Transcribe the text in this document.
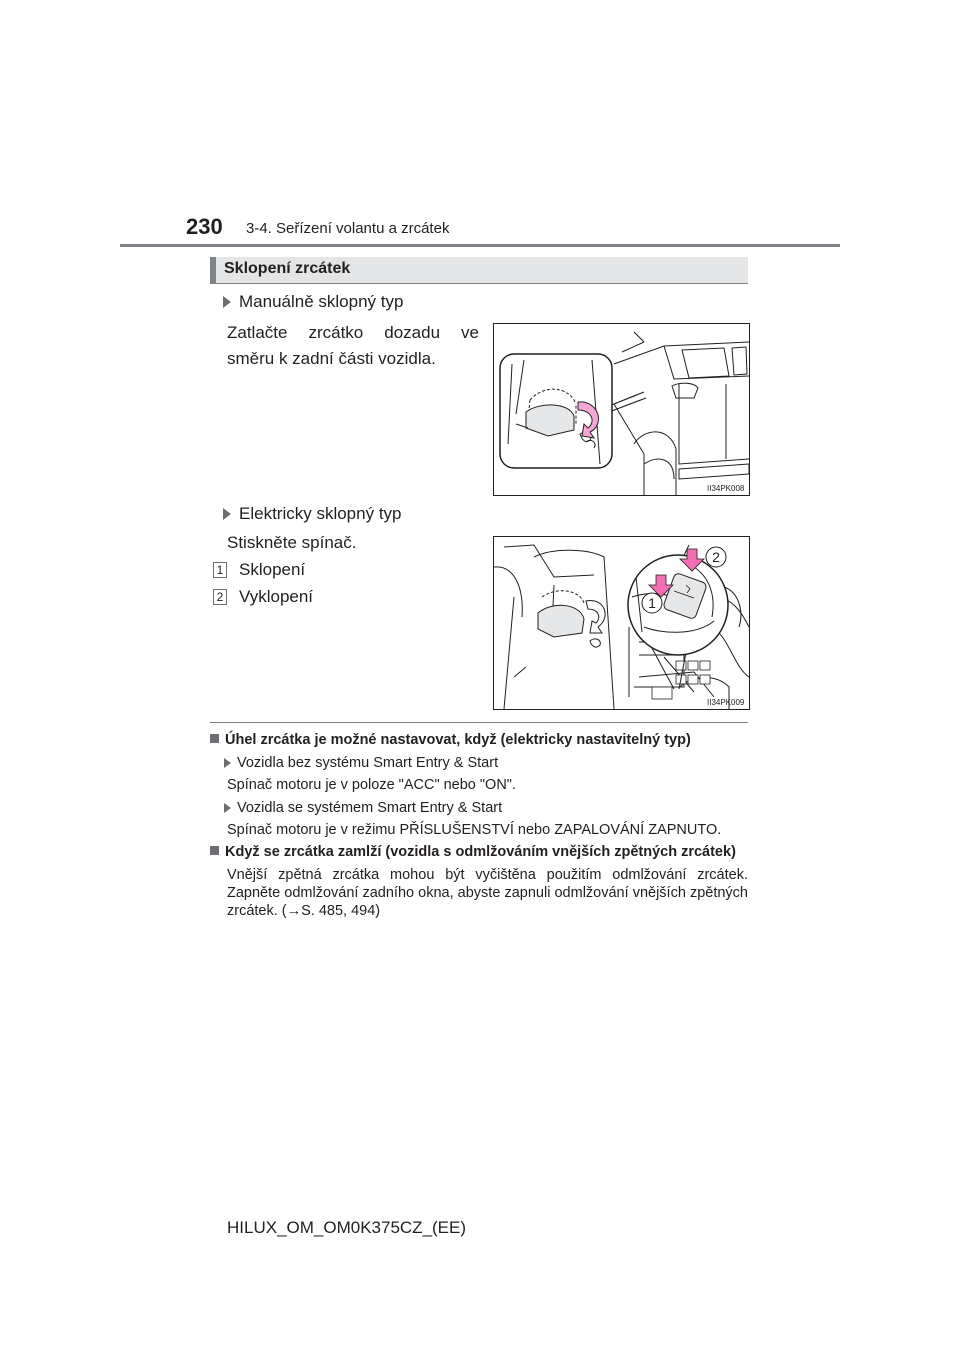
230 3-4. Seřízení volantu a zrcátek
Sklopení zrcátek
Manuálně sklopný typ
Zatlačte zrcátko dozadu ve směru k zadní části vozidla.
II34PK008
Elektricky sklopný typ
Stiskněte spínač.
1 Sklopení
2 Vyklopení
2
1
II34PK009
Úhel zrcátka je možné nastavovat, když (elektricky nastavitelný typ)
Vozidla bez systému Smart Entry & Start
Spínač motoru je v poloze "ACC" nebo "ON".
Vozidla se systémem Smart Entry & Start
Spínač motoru je v režimu PŘÍSLUŠENSTVÍ nebo ZAPALOVÁNÍ ZAPNUTO.
Když se zrcátka zamlží (vozidla s odmlžováním vnějších zpětných zrcátek)
Vnější zpětná zrcátka mohou být vyčištěna použitím odmlžování zrcátek. Zapněte odmlžování zadního okna, abyste zapnuli odmlžování vnějších zpětných zrcátek. (→S. 485, 494)
HILUX_OM_OM0K375CZ_(EE)
